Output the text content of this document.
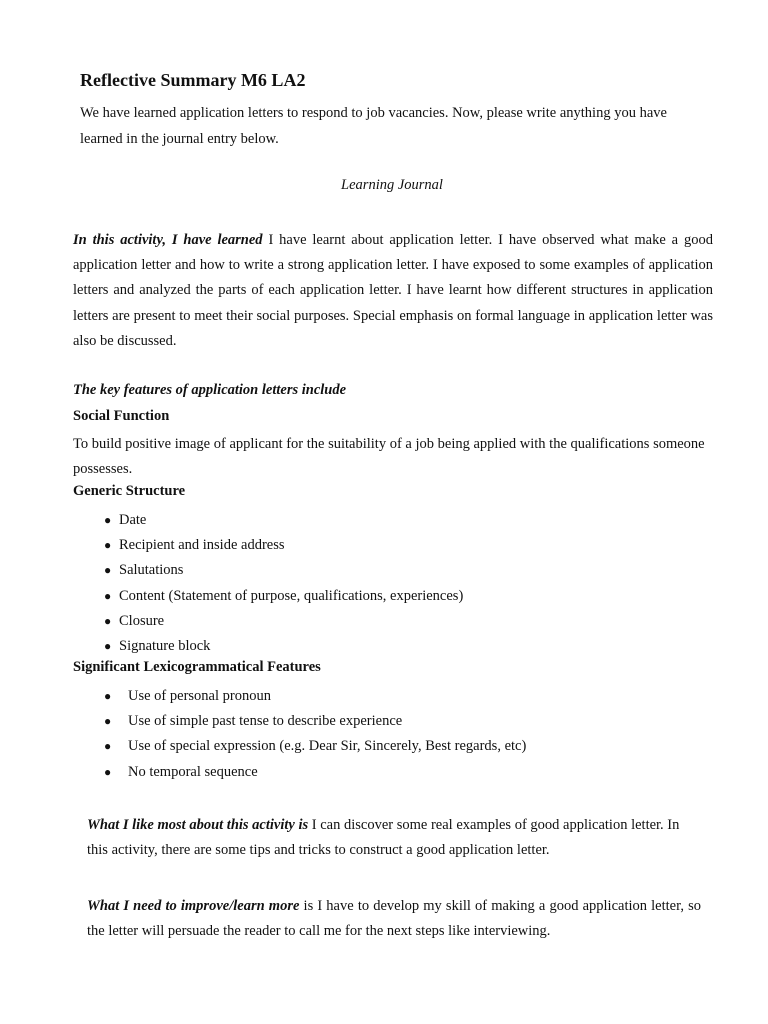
Reflective Summary M6 LA2

We have learned application letters to respond to job vacancies. Now, please write anything you have learned in the journal entry below.

Learning Journal

In this activity, I have learned I have learnt about application letter. I have observed what make a good application letter and how to write a strong application letter. I have exposed to some examples of application letters and analyzed the parts of each application letter. I have learnt how different structures in application letters are present to meet their social purposes. Special emphasis on formal language in application letter was also be discussed.

The key features of application letters include

Social Function

To build positive image of applicant for the suitability of a job being applied with the qualifications someone possesses.

Generic Structure

● Date
● Recipient and inside address
● Salutations
● Content (Statement of purpose, qualifications, experiences)
● Closure
● Signature block

Significant Lexicogrammatical Features

● Use of personal pronoun
● Use of simple past tense to describe experience
● Use of special expression (e.g. Dear Sir, Sincerely, Best regards, etc)
● No temporal sequence

What I like most about this activity is I can discover some real examples of good application letter. In this activity, there are some tips and tricks to construct a good application letter.

What I need to improve/learn more is I have to develop my skill of making a good application letter, so the letter will persuade the reader to call me for the next steps like interviewing.
